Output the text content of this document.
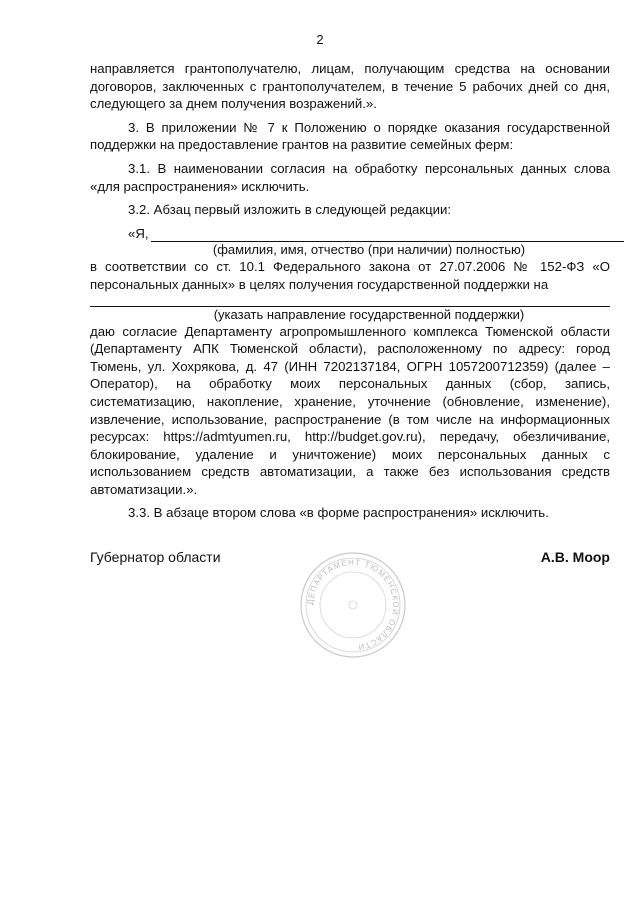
2

направляется грантополучателю, лицам, получающим средства на основании договоров, заключенных с грантополучателем, в течение 5 рабочих дней со дня, следующего за днем получения возражений.».

3. В приложении № 7 к Положению о порядке оказания государственной поддержки на предоставление грантов на развитие семейных ферм:

3.1. В наименовании согласия на обработку персональных данных слова «для распространения» исключить.

3.2. Абзац первый изложить в следующей редакции:

«Я,

(фамилия, имя, отчество (при наличии) полностью)

в соответствии со ст. 10.1 Федерального закона от 27.07.2006 № 152-ФЗ «О персональных данных» в целях получения государственной поддержки на

(указать направление государственной поддержки)

даю согласие Департаменту агропромышленного комплекса Тюменской области (Департаменту АПК Тюменской области), расположенному по адресу: город Тюмень, ул. Хохрякова, д. 47 (ИНН 7202137184, ОГРН 1057200712359) (далее – Оператор), на обработку моих персональных данных (сбор, запись, систематизацию, накопление, хранение, уточнение (обновление, изменение), извлечение, использование, распространение (в том числе на информационных ресурсах: https://admtyumen.ru, http://budget.gov.ru), передачу, обезличивание, блокирование, удаление и уничтожение) моих персональных данных с использованием средств автоматизации, а также без использования средств автоматизации.».

3.3. В абзаце втором слова «в форме распространения» исключить.

Губернатор области	А.В. Моор
ДЕПАРТАМЕНТ ТЮМЕНСКОЙ ОБЛАСТИ
